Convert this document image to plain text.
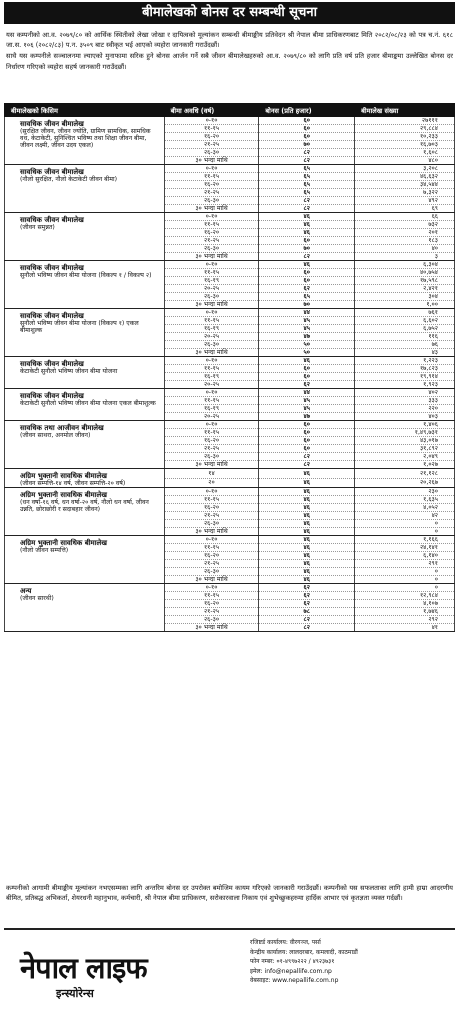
बीमालेखको बोनस दर सम्बन्धी सूचना

यस कम्पनीको आ.व. २०७९/८० को आर्थिक स्थितीको लेखा जोखा र दायित्वको मूल्यांकन सम्बन्धी बीमाङ्कीय प्रतिवेदन श्री नेपाल बीमा प्राधिकरणबाट मिति २०८२/०८/२३ को पत्र च.नं. ६१८ जा.स. १०६ (२०८२/८३) प.न. ३५०९ बाट स्वीकृत भई आएको व्यहोरा जानकारी गराउँदछौं।

साथै यस कम्पनीले सञ्चालनमा ल्याएको मुनाफामा सरिक हुने बोनस आर्जन गर्ने सबै जीवन बीमालेखहरुको आ.व. २०७९/८० को लागि प्रति वर्ष प्रति हजार बीमाङ्कमा उल्लेखित बोनस दर निर्धारण गरिएको व्यहोरा सहर्ष जानकारी गराउँदछौं।

बीमालेखको किसिम	बीमा अवधि (वर्ष)	बोनस (प्रति हजार)	बीमालेख संख्या

सावधिक जीवन बीमालेख
(सुरक्षित जीवन, जीवन ज्योति, ग्रामिण सामधिक, सामधिक वध, केटाकेटी, सुनिश्चित भविष्य तथा शिक्षा जीवन बीमा, जीवन लक्ष्मी, जीवन उदय एकल)	०-१०	६०	२७१११
	११-१५	६०	२९,८८४
	१६-२०	६०	१०,२३३
	२१-२५	७०	१६,७०३
	२६-३०	८२	१,६०८
	३० भन्दा माथि	८२	४८०

सावधिक जीवन बीमालेख
(नौलो सुरक्षित, नौलो केटाकेटी जीवन बीमा)	०-१०	६५	३,२०८
	११-१५	६५	४६,६३२
	१६-२०	६५	३४,५४४
	२१-२५	६५	७,३२२
	२६-३०	८२	४९२
	३० भन्दा माथि	८२	६९

सावधिक जीवन बीमालेख
(जीवन समुन्नत)	०-१०	४६	६६
	११-१५	४६	७३२
	१६-२०	४६	२०१
	२१-२५	६०	१८३
	२६-३०	७०	४०
	३० भन्दा माथि	८२	३

सावधिक जीवन बीमालेख
सुनौलो भविष्य जीवन बीमा योजना (विकल्प १ / विकल्प २)	०-१०	४६	६,३०४
	११-१५	६०	४०,७५४
	१६-१९	६०	१७,५९८
	२०-२५	६२	२,४२१
	२६-३०	६५	३०४
	३० भन्दा माथि	७०	१,००

सावधिक जीवन बीमालेख
सुनौलो भविष्य जीवन बीमा योजना (विकल्प १) एकल बीमाशुल्क	०-१०	४४	७६१
	११-१५	४५	६,६०२
	१६-१९	४५	६,७५२
	२०-२५	४७	११६
	२६-३०	५०	७६
	३० भन्दा माथि	५०	४३

सावधिक जीवन बीमालेख
केटाकेटी सुनौलो भविष्य जीवन बीमा योजना	०-१०	४६	१,२२३
	११-१५	६०	१७,८२३
	१६-१९	६०	१९,९१४
	२०-२५	६२	१,९२३

सावधिक जीवन बीमालेख
केटाकेटी सुनौलो भविष्य जीवन बीमा योजना एकल बीमाशुल्क	०-१०	४४	४०२
	११-१५	४५	३३३
	१६-१९	४५	२२०
	२०-२५	४७	४०३

सावधिक तथा आजीवन बीमालेख
(जीवन साथरा, अनमोल जीवन)	०-१०	६०	१,४०६
	११-१५	६०	१,४९,७३१
	१६-२०	६०	४३,०१७
	२१-२५	६०	३१,८९२
	२६-३०	८२	२,०४९
	३० भन्दा माथि	८२	१,०२७

अग्रिम भुक्तानी सावधिक बीमालेख
(जीवन सम्पत्ति-१४ वर्ष, जीवन सम्पत्ति-२० वर्ष)	१४	४६	२१,१२८
	२०	४६	२०,२६७

अग्रिम भुक्तानी सावधिक बीमालेख
(धन वर्षा-१६ वर्ष, धन वर्षा-२० वर्ष, नौलो धन वर्षा, जीवन उन्नति, छोराछोरी र सदाबहार जीवन)	०-१०	४६	२३०
	११-१५	४६	१,६३५
	१६-२०	४६	४,०५२
	२१-२५	४६	४२
	२६-३०	४६	०
	३० भन्दा माथि	४६	०

अग्रिम भुक्तानी सावधिक बीमालेख
(नौलो जीवन सम्पत्ति)	०-१०	४६	१,१६६
	११-१५	४६	२४,१४१
	१६-२०	४६	६,१४०
	२१-२५	४६	२९१
	२६-३०	४६	०
	३० भन्दा माथि	४६	०

अन्य
(जीवन सारथी)	०-१०	६२	०
	११-१५	६२	१२,९८४
	१६-२०	६२	४,१०७
	२१-२५	७८	१,७४६
	२६-३०	८२	२९२
	३० भन्दा माथि	८२	४१
कम्पनीको आगामी बीमाङ्कीय मूल्यांकन नभएसम्मका लागि अन्तरिम बोनस दर उपरोक्त बमोजिम कायम गरिएको जानकारी गराउँदछौं। कम्पनीको यस सफलताका लागि हामी हाम्रा आदरणीय बीमित, प्रतिबद्ध अभिकर्ता, शेयरधनी महानुभाव, कर्मचारी, श्री नेपाल बीमा प्राधिकरण, सरोकारवाला निकाय एवं शुभेच्छुकहरुमा हार्दिक आभार एवं कृतज्ञता व्यक्त गर्दछौं।
नेपाल लाइफ
इन्स्योरेन्स
रजिष्टर्ड कार्यालय: वीरगञ्ज, पर्सा
केन्द्रीय कार्यालय: लालदरबार, कमलादी, काठमाडौं
फोन नम्बर: ०१-४९९७२२२ / ४९२३७३१
इमेल: info@nepallife.com.np
वेबसाइट: www.nepallife.com.np
